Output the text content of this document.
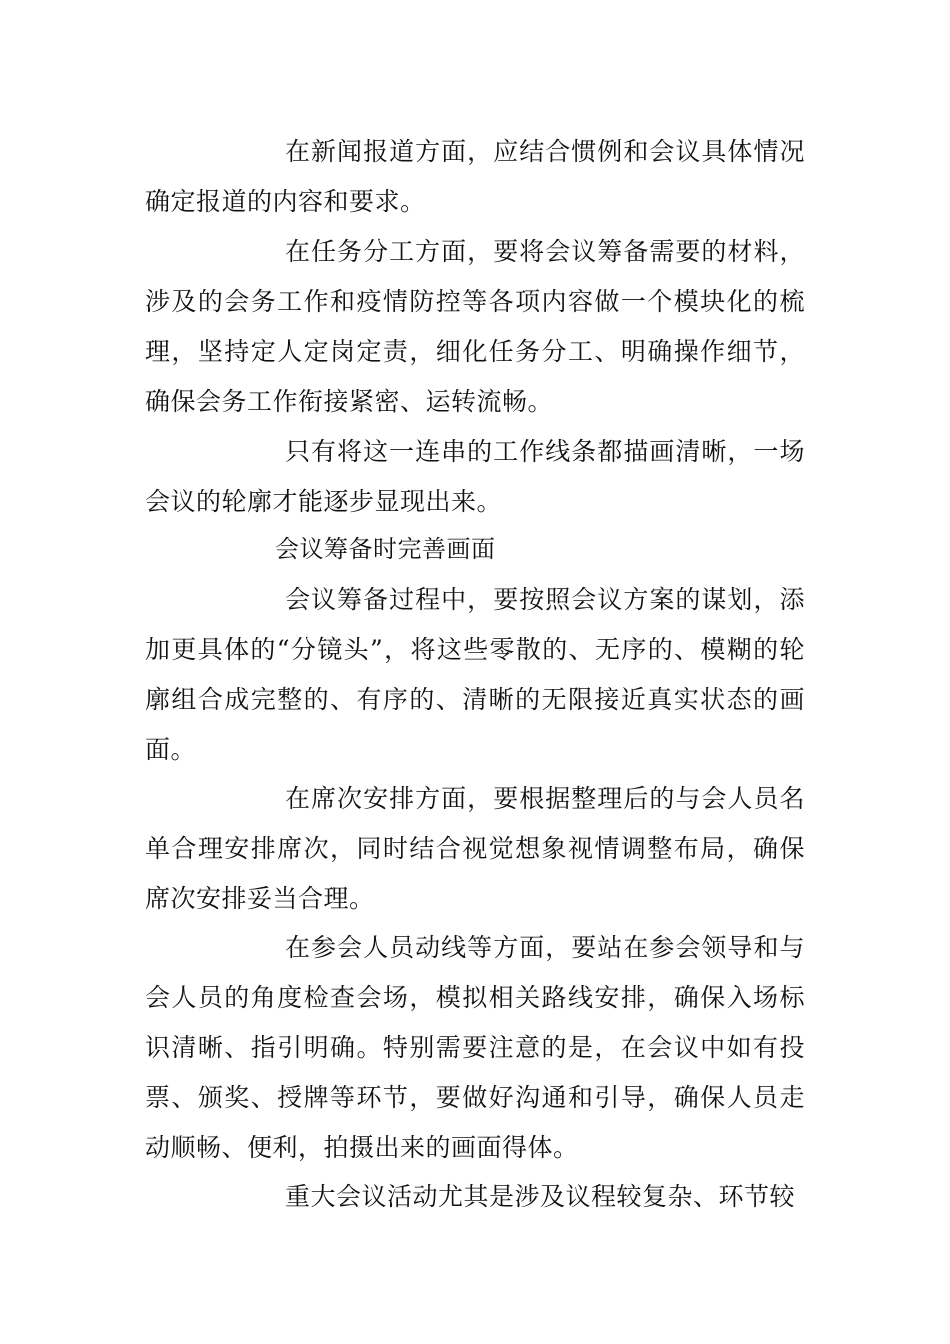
在新闻报道方面，应结合惯例和会议具体情况确定报道的内容和要求。

在任务分工方面，要将会议筹备需要的材料，涉及的会务工作和疫情防控等各项内容做一个模块化的梳理，坚持定人定岗定责，细化任务分工、明确操作细节，确保会务工作衔接紧密、运转流畅。

只有将这一连串的工作线条都描画清晰，一场会议的轮廓才能逐步显现出来。

会议筹备时完善画面

会议筹备过程中，要按照会议方案的谋划，添加更具体的“分镜头”，将这些零散的、无序的、模糊的轮廓组合成完整的、有序的、清晰的无限接近真实状态的画面。

在席次安排方面，要根据整理后的与会人员名单合理安排席次，同时结合视觉想象视情调整布局，确保席次安排妥当合理。

在参会人员动线等方面，要站在参会领导和与会人员的角度检查会场，模拟相关路线安排，确保入场标识清晰、指引明确。特别需要注意的是，在会议中如有投票、颁奖、授牌等环节，要做好沟通和引导，确保人员走动顺畅、便利，拍摄出来的画面得体。

重大会议活动尤其是涉及议程较复杂、环节较
